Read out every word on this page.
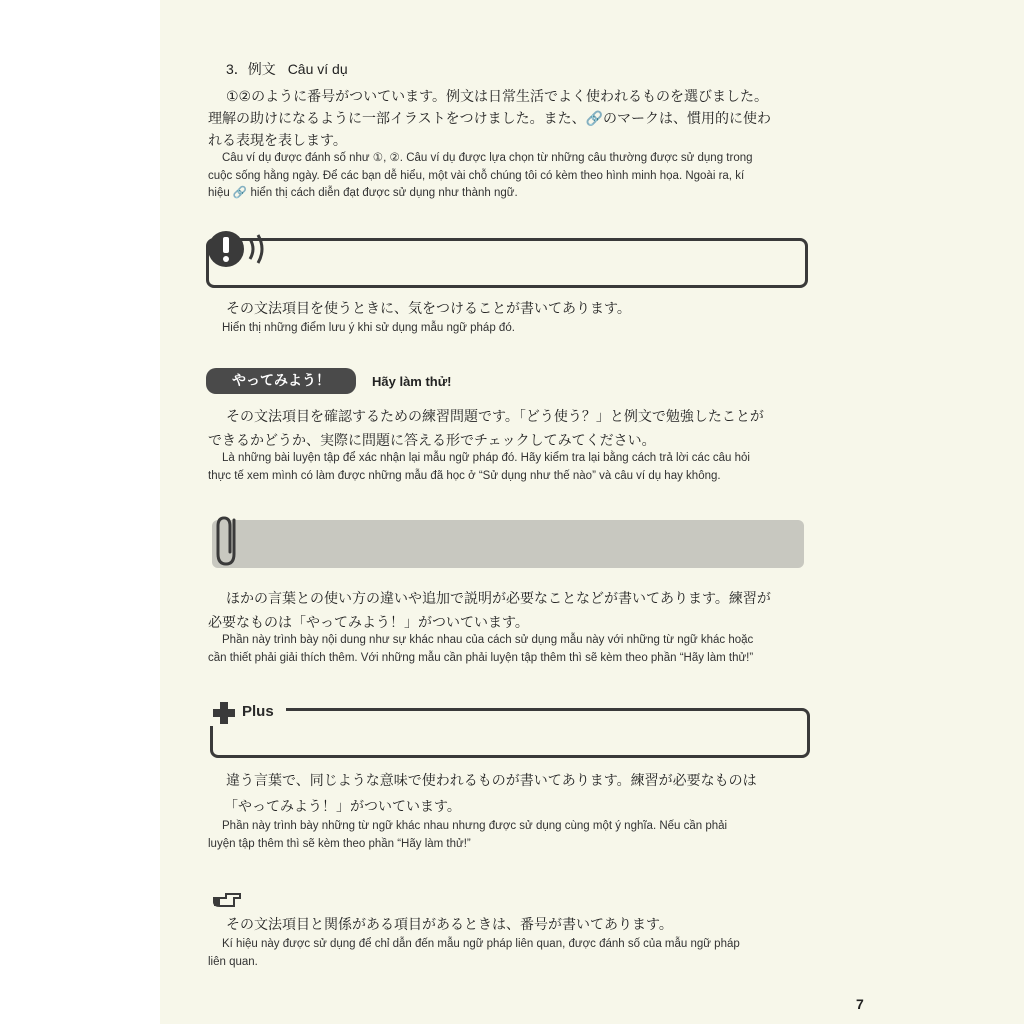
3．例文 Câu ví dụ
①②のように番号がついています。例文は日常生活でよく使われるものを選びました。
理解の助けになるように一部イラストをつけました。また、🔗のマークは、慣用的に使わ
れる表現を表します。
Câu ví dụ được đánh số như ①, ②. Câu ví dụ được lựa chọn từ những câu thường được sử dụng trong
cuộc sống hằng ngày. Để các bạn dễ hiểu, một vài chỗ chúng tôi có kèm theo hình minh họa. Ngoài ra, kí
hiệu 🔗 hiển thị cách diễn đạt được sử dụng như thành ngữ.
その文法項目を使うときに、気をつけることが書いてあります。
Hiển thị những điểm lưu ý khi sử dụng mẫu ngữ pháp đó.
やってみよう！	Hãy làm thử!
その文法項目を確認するための練習問題です。「どう使う？」と例文で勉強したことが
できるかどうか、実際に問題に答える形でチェックしてみてください。
Là những bài luyện tập để xác nhận lại mẫu ngữ pháp đó. Hãy kiểm tra lại bằng cách trả lời các câu hỏi
thực tế xem mình có làm được những mẫu đã học ở “Sử dụng như thế nào” và câu ví dụ hay không.
ほかの言葉との使い方の違いや追加で説明が必要なことなどが書いてあります。練習が
必要なものは「やってみよう！」がついています。
Phần này trình bày nội dung như sự khác nhau của cách sử dụng mẫu này với những từ ngữ khác hoặc
cần thiết phải giải thích thêm. Với những mẫu cần phải luyện tập thêm thì sẽ kèm theo phần “Hãy làm thử!”
Plus
違う言葉で、同じような意味で使われるものが書いてあります。練習が必要なものは
「やってみよう！」がついています。
Phần này trình bày những từ ngữ khác nhau nhưng được sử dụng cùng một ý nghĩa. Nếu cần phải
luyện tập thêm thì sẽ kèm theo phần “Hãy làm thử!”
その文法項目と関係がある項目があるときは、番号が書いてあります。
Kí hiệu này được sử dụng để chỉ dẫn đến mẫu ngữ pháp liên quan, được đánh số của mẫu ngữ pháp
liên quan.
7
